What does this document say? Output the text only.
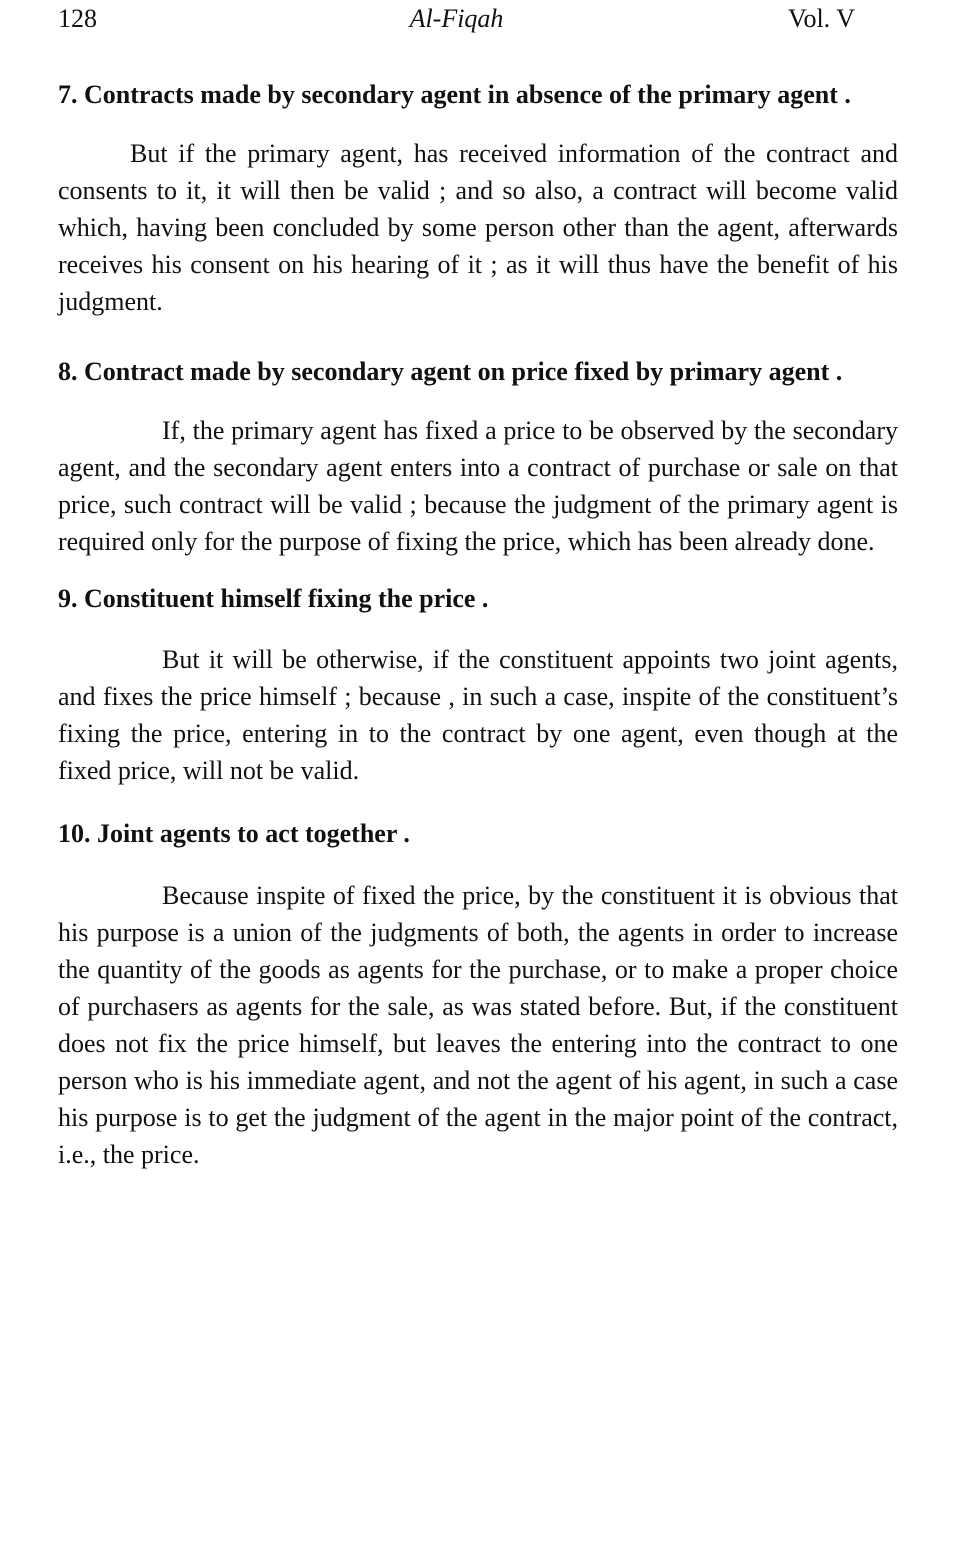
128	Al-Fiqah	Vol. V

7. Contracts made by secondary agent in absence of the primary agent .

But if the primary agent, has received information of the contract and consents to it, it will then be valid ; and so also, a contract will become valid which, having been concluded by some person other than the agent, afterwards receives his consent on his hearing of it ; as it will thus have the benefit of his judgment.

8. Contract made by secondary agent on price fixed by primary agent .

If, the primary agent has fixed a price to be observed by the secondary agent, and the secondary agent enters into a contract of purchase or sale on that price, such contract will be valid ; because the judgment of the primary agent is required only for the purpose of fixing the price, which has been already done.

9. Constituent himself fixing the price .

But it will be otherwise, if the constituent appoints two joint agents, and fixes the price himself ; because , in such a case, inspite of the constituent’s fixing the price, entering in to the contract by one agent, even though at the fixed price, will not be valid.

10. Joint agents to act together .

Because inspite of fixed the price, by the constituent it is obvious that his purpose is a union of the judgments of both, the agents in order to increase the quantity of the goods as agents for the purchase, or to make a proper choice of purchasers as agents for the sale, as was stated before. But, if the constituent does not fix the price himself, but leaves the entering into the contract to one person who is his immediate agent, and not the agent of his agent, in such a case his purpose is to get the judgment of the agent in the major point of the contract, i.e., the price.
